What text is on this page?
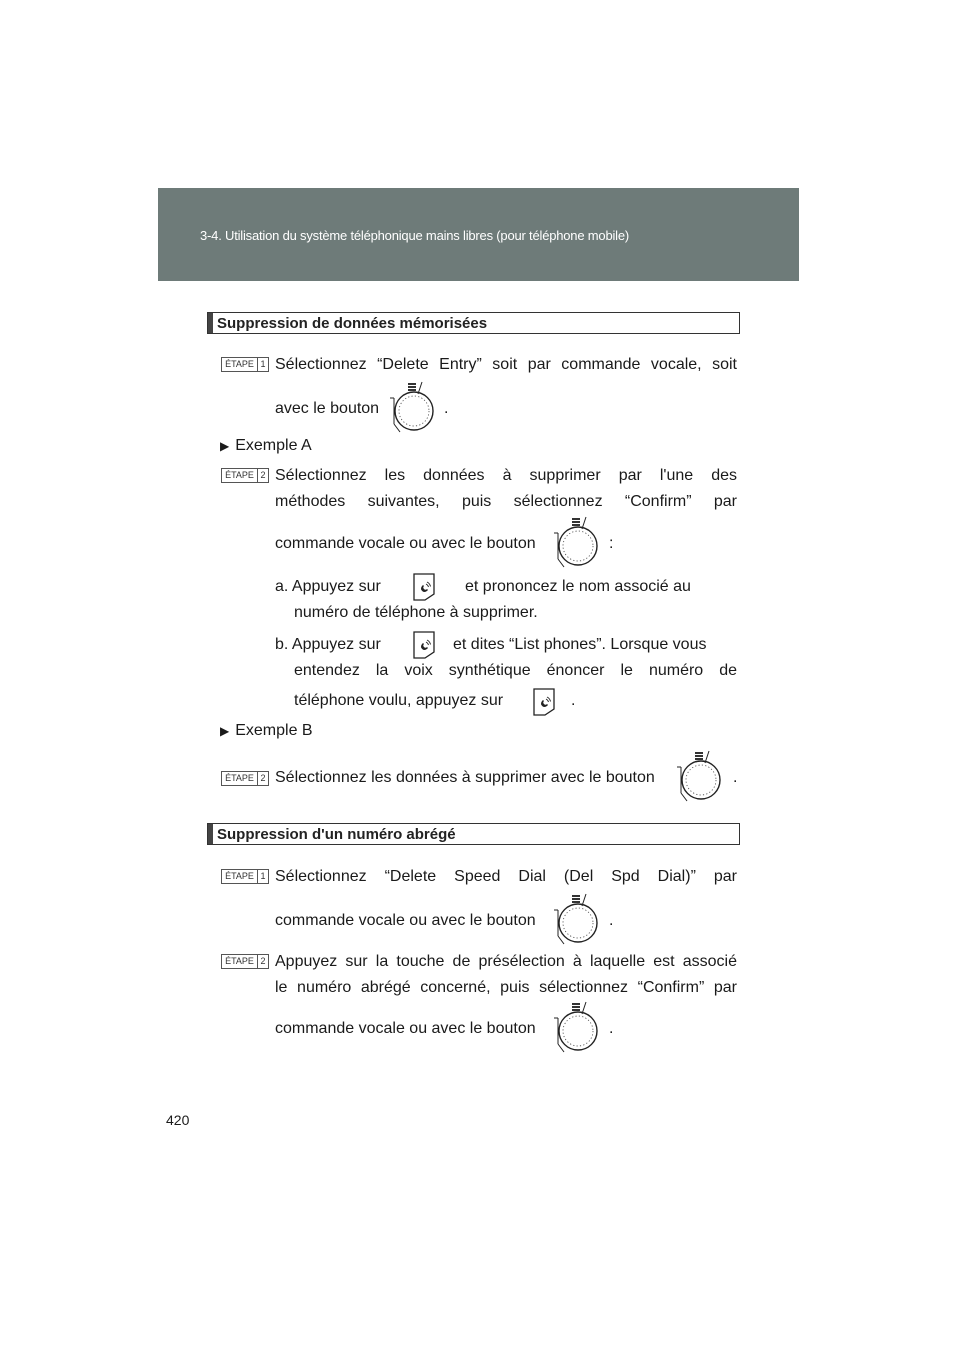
3-4. Utilisation du système téléphonique mains libres (pour téléphone mobile)
Suppression de données mémorisées
ÉTAPE 1 Sélectionnez “Delete Entry” soit par commande vocale, soit
avec le bouton	.
▶ Exemple A
ÉTAPE 2 Sélectionnez les données à supprimer par l'une des
méthodes suivantes, puis sélectionnez “Confirm” par
commande vocale ou avec le bouton	:
a. Appuyez sur	et prononcez le nom associé au
numéro de téléphone à supprimer.
b. Appuyez sur	et dites “List phones”. Lorsque vous
entendez la voix synthétique énoncer le numéro de
téléphone voulu, appuyez sur	.
▶ Exemple B
ÉTAPE 2 Sélectionnez les données à supprimer avec le bouton	.
Suppression d'un numéro abrégé
ÉTAPE 1 Sélectionnez “Delete Speed Dial (Del Spd Dial)” par
commande vocale ou avec le bouton	.
ÉTAPE 2 Appuyez sur la touche de présélection à laquelle est associé
le numéro abrégé concerné, puis sélectionnez “Confirm” par
commande vocale ou avec le bouton	.
420
